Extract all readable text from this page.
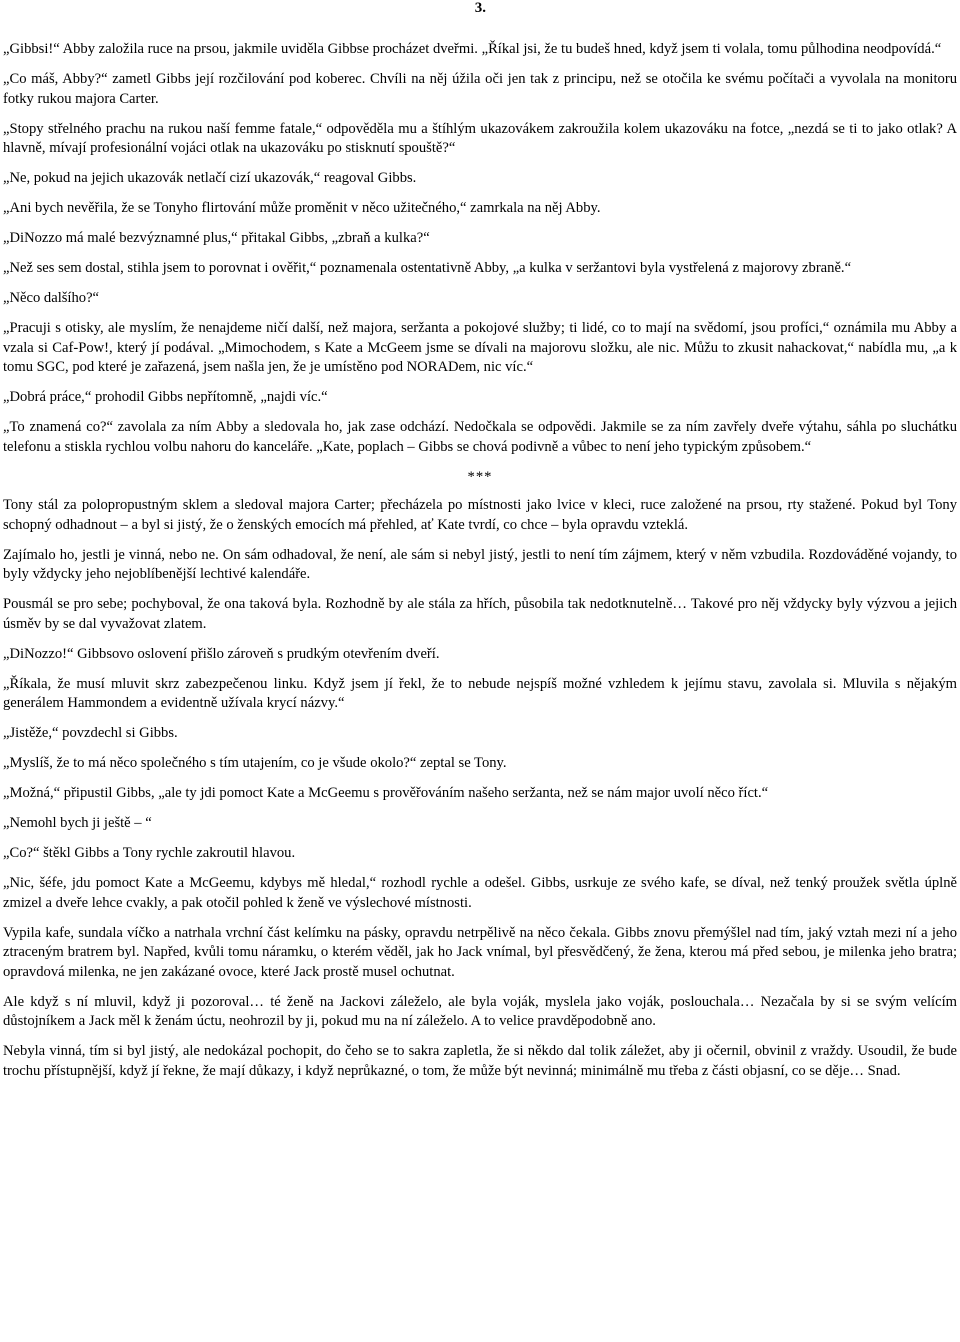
3.

„Gibbsi!“ Abby založila ruce na prsou, jakmile uviděla Gibbse procházet dveřmi. „Říkal jsi, že tu budeš hned, když jsem ti volala, tomu půlhodina neodpovídá.“

„Co máš, Abby?“ zametl Gibbs její rozčilování pod koberec. Chvíli na něj úžila oči jen tak z principu, než se otočila ke svému počítači a vyvolala na monitoru fotky rukou majora Carter.

„Stopy střelného prachu na rukou naší femme fatale,“ odpověděla mu a štíhlým ukazovákem zakroužila kolem ukazováku na fotce, „nezdá se ti to jako otlak? A hlavně, mívají profesionální vojáci otlak na ukazováku po stisknutí spouště?“

„Ne, pokud na jejich ukazovák netlačí cizí ukazovák,“ reagoval Gibbs.

„Ani bych nevěřila, že se Tonyho flirtování může proměnit v něco užitečného,“ zamrkala na něj Abby.

„DiNozzo má malé bezvýznamné plus,“ přitakal Gibbs, „zbraň a kulka?“

„Než ses sem dostal, stihla jsem to porovnat i ověřit,“ poznamenala ostentativně Abby, „a kulka v seržantovi byla vystřelená z majorovy zbraně.“

„Něco dalšího?“

„Pracuji s otisky, ale myslím, že nenajdeme ničí další, než majora, seržanta a pokojové služby; ti lidé, co to mají na svědomí, jsou profíci,“ oznámila mu Abby a vzala si Caf-Pow!, který jí podával. „Mimochodem, s Kate a McGeem jsme se dívali na majorovu složku, ale nic. Můžu to zkusit nahackovat,“ nabídla mu, „a k tomu SGC, pod které je zařazená, jsem našla jen, že je umístěno pod NORADem, nic víc.“

„Dobrá práce,“ prohodil Gibbs nepřítomně, „najdi víc.“

„To znamená co?“ zavolala za ním Abby a sledovala ho, jak zase odchází. Nedočkala se odpovědi. Jakmile se za ním zavřely dveře výtahu, sáhla po sluchátku telefonu a stiskla rychlou volbu nahoru do kanceláře. „Kate, poplach – Gibbs se chová podivně a vůbec to není jeho typickým způsobem.“

***

Tony stál za polopropustným sklem a sledoval majora Carter; přecházela po místnosti jako lvice v kleci, ruce založené na prsou, rty stažené. Pokud byl Tony schopný odhadnout – a byl si jistý, že o ženských emocích má přehled, ať Kate tvrdí, co chce – byla opravdu vzteklá.

Zajímalo ho, jestli je vinná, nebo ne. On sám odhadoval, že není, ale sám si nebyl jistý, jestli to není tím zájmem, který v něm vzbudila. Rozdováděné vojandy, to byly vždycky jeho nejoblíbenější lechtivé kalendáře.

Pousmál se pro sebe; pochyboval, že ona taková byla. Rozhodně by ale stála za hřích, působila tak nedotknutelně… Takové pro něj vždycky byly výzvou a jejich úsměv by se dal vyvažovat zlatem.

„DiNozzo!“ Gibbsovo oslovení přišlo zároveň s prudkým otevřením dveří.

„Říkala, že musí mluvit skrz zabezpečenou linku. Když jsem jí řekl, že to nebude nejspíš možné vzhledem k jejímu stavu, zavolala si. Mluvila s nějakým generálem Hammondem a evidentně užívala krycí názvy.“

„Jistěže,“ povzdechl si Gibbs.

„Myslíš, že to má něco společného s tím utajením, co je všude okolo?“ zeptal se Tony.

„Možná,“ připustil Gibbs, „ale ty jdi pomoct Kate a McGeemu s prověřováním našeho seržanta, než se nám major uvolí něco říct.“

„Nemohl bych ji ještě – “

„Co?“ štěkl Gibbs a Tony rychle zakroutil hlavou.

„Nic, šéfe, jdu pomoct Kate a McGeemu, kdybys mě hledal,“ rozhodl rychle a odešel. Gibbs, usrkuje ze svého kafe, se díval, než tenký proužek světla úplně zmizel a dveře lehce cvakly, a pak otočil pohled k ženě ve výslechové místnosti.

Vypila kafe, sundala víčko a natrhala vrchní část kelímku na pásky, opravdu netrpělivě na něco čekala. Gibbs znovu přemýšlel nad tím, jaký vztah mezi ní a jeho ztraceným bratrem byl. Napřed, kvůli tomu náramku, o kterém věděl, jak ho Jack vnímal, byl přesvědčený, že žena, kterou má před sebou, je milenka jeho bratra; opravdová milenka, ne jen zakázané ovoce, které Jack prostě musel ochutnat.

Ale když s ní mluvil, když ji pozoroval… té ženě na Jackovi záleželo, ale byla voják, myslela jako voják, poslouchala… Nezačala by si se svým velícím důstojníkem a Jack měl k ženám úctu, neohrozil by ji, pokud mu na ní záleželo. A to velice pravděpodobně ano.

Nebyla vinná, tím si byl jistý, ale nedokázal pochopit, do čeho se to sakra zapletla, že si někdo dal tolik záležet, aby ji očernil, obvinil z vraždy. Usoudil, že bude trochu přístupnější, když jí řekne, že mají důkazy, i když neprůkazné, o tom, že může být nevinná; minimálně mu třeba z části objasní, co se děje… Snad.
